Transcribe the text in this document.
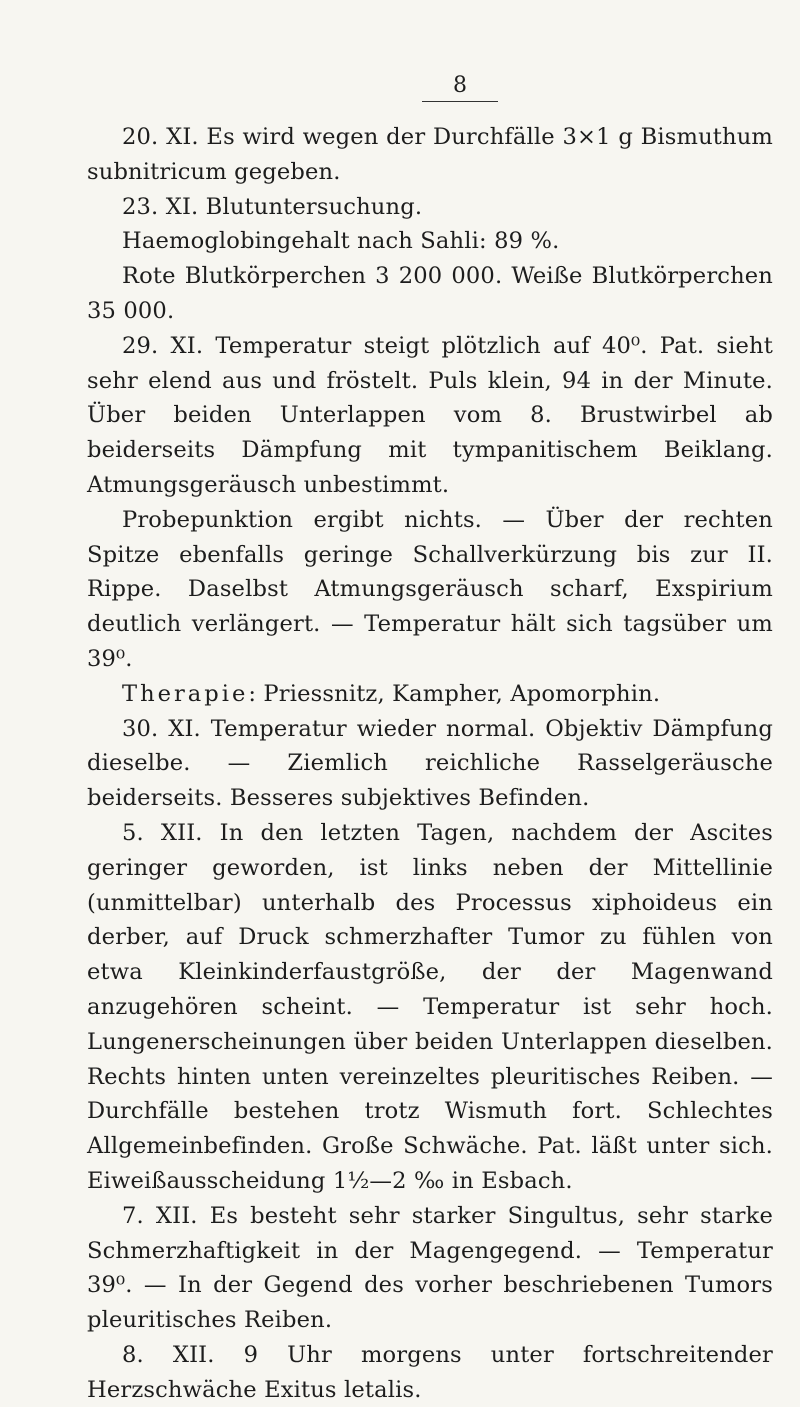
8

20. XI. Es wird wegen der Durchfälle 3×1 g Bismuthum subnitricum gegeben.

23. XI. Blutuntersuchung.

Haemoglobingehalt nach Sahli: 89 %.

Rote Blutkörperchen 3 200 000. Weiße Blutkörperchen 35 000.

29. XI. Temperatur steigt plötzlich auf 40⁰. Pat. sieht sehr elend aus und fröstelt. Puls klein, 94 in der Minute. Über beiden Unterlappen vom 8. Brustwirbel ab beiderseits Dämpfung mit tympanitischem Beiklang. Atmungsgeräusch unbestimmt.

Probepunktion ergibt nichts. — Über der rechten Spitze ebenfalls geringe Schallverkürzung bis zur II. Rippe. Daselbst Atmungsgeräusch scharf, Exspirium deutlich verlängert. — Temperatur hält sich tagsüber um 39⁰.

Therapie: Priessnitz, Kampher, Apomorphin.

30. XI. Temperatur wieder normal. Objektiv Dämpfung dieselbe. — Ziemlich reichliche Rasselgeräusche beiderseits. Besseres subjektives Befinden.

5. XII. In den letzten Tagen, nachdem der Ascites geringer geworden, ist links neben der Mittellinie (unmittelbar) unterhalb des Processus xiphoideus ein derber, auf Druck schmerzhafter Tumor zu fühlen von etwa Kleinkinderfaustgröße, der der Magenwand anzugehören scheint. — Temperatur ist sehr hoch. Lungenerscheinungen über beiden Unterlappen dieselben. Rechts hinten unten vereinzeltes pleuritisches Reiben. — Durchfälle bestehen trotz Wismuth fort. Schlechtes Allgemeinbefinden. Große Schwäche. Pat. läßt unter sich. Eiweißausscheidung 1½—2 ‰ in Esbach.

7. XII. Es besteht sehr starker Singultus, sehr starke Schmerzhaftigkeit in der Magengegend. — Temperatur 39⁰. — In der Gegend des vorher beschriebenen Tumors pleuritisches Reiben.

8. XII. 9 Uhr morgens unter fortschreitender Herzschwäche Exitus letalis.
